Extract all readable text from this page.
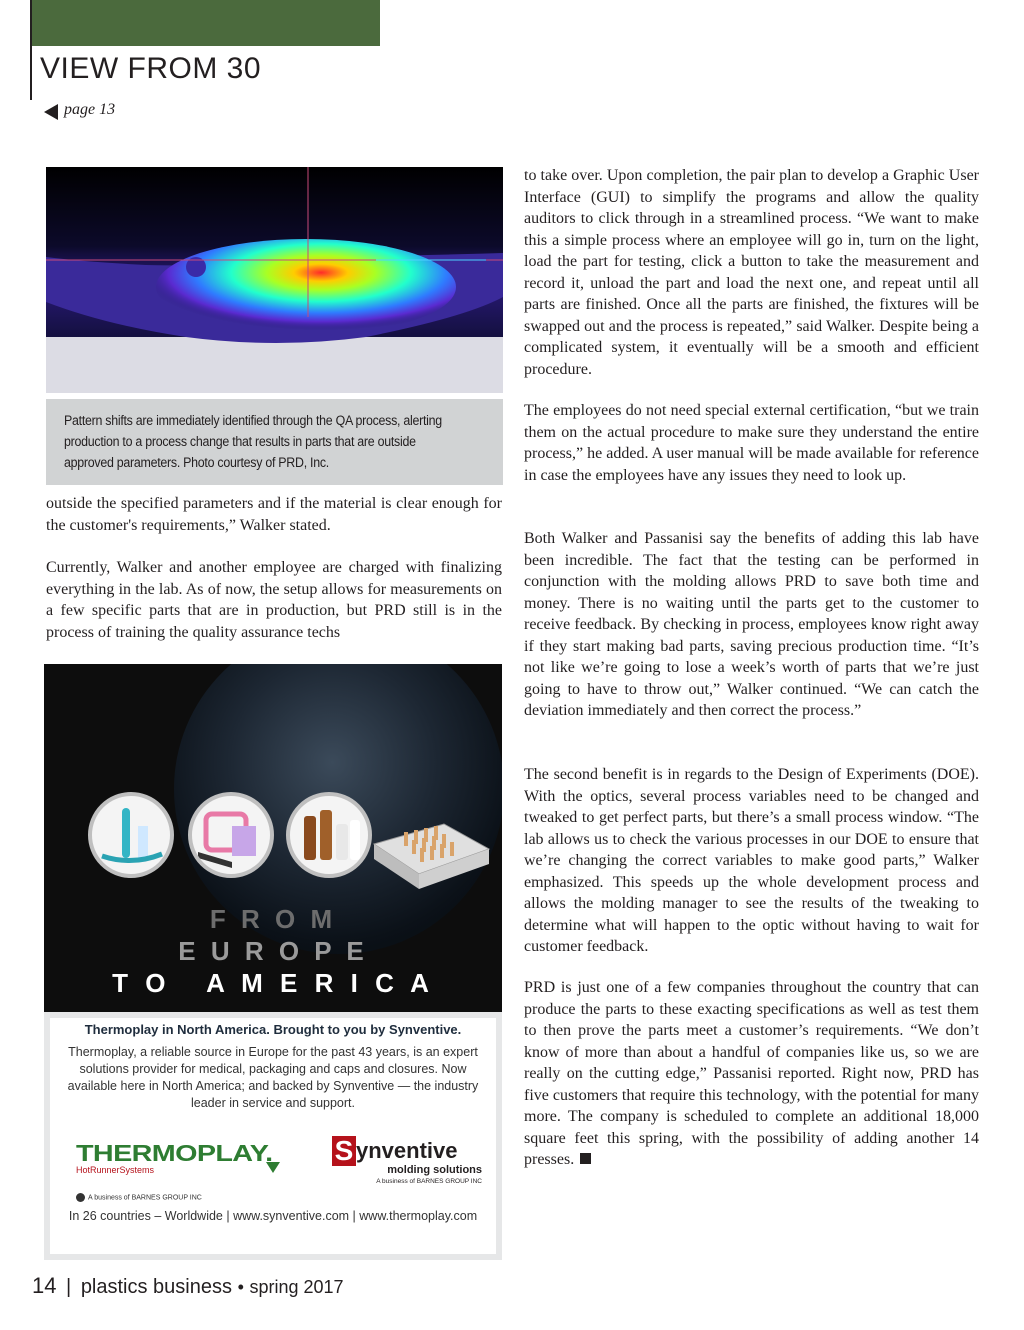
VIEW FROM 30
page 13
Pattern shifts are immediately identified through the QA process, alerting production to a process change that results in parts that are outside approved parameters. Photo courtesy of PRD, Inc.

outside the specified parameters and if the material is clear enough for the customer's requirements,” Walker stated.

Currently, Walker and another employee are charged with finalizing everything in the lab. As of now, the setup allows for measurements on a few specific parts that are in production, but PRD still is in the process of training the quality assurance techs

to take over. Upon completion, the pair plan to develop a Graphic User Interface (GUI) to simplify the programs and allow the quality auditors to click through in a streamlined process. “We want to make this a simple process where an employee will go in, turn on the light, load the part for testing, click a button to take the measurement and record it, unload the part and load the next one, and repeat until all parts are finished. Once all the parts are finished, the fixtures will be swapped out and the process is repeated,” said Walker. Despite being a complicated system, it eventually will be a smooth and efficient procedure.

The employees do not need special external certification, “but we train them on the actual procedure to make sure they understand the entire process,” he added. A user manual will be made available for reference in case the employees have any issues they need to look up.

Both Walker and Passanisi say the benefits of adding this lab have been incredible. The fact that the testing can be performed in conjunction with the molding allows PRD to save both time and money. There is no waiting until the parts get to the customer to receive feedback. By checking in process, employees know right away if they start making bad parts, saving precious production time. “It’s not like we’re going to lose a week’s worth of parts that we’re just going to have to throw out,” Walker continued. “We can catch the deviation immediately and then correct the process.”

The second benefit is in regards to the Design of Experiments (DOE). With the optics, several process variables need to be changed and tweaked to get perfect parts, but there’s a small process window. “The lab allows us to check the various processes in our DOE to ensure that we’re changing the correct variables to make good parts,” Walker emphasized. This speeds up the whole development process and allows the molding manager to see the results of the tweaking to determine what will happen to the optic without having to wait for customer feedback.

PRD is just one of a few companies throughout the country that can produce the parts to these exacting specifications as well as test them to then prove the parts meet a customer’s requirements. “We don’t know of more than about a handful of companies like us, so we are really on the cutting edge,” Passanisi reported. Right now, PRD has five customers that require this technology, with the potential for many more. The company is scheduled to complete an additional 18,000 square feet this spring, with the possibility of adding another 14 presses.

F R O M
E U R O P E
T O   A M E R I C A
Thermoplay in North America. Brought to you by Synventive.
Thermoplay, a reliable source in Europe for the past 43 years, is an expert solutions provider for medical, packaging and caps and closures. Now available here in North America; and backed by Synventive — the industry leader in service and support.
THERMOPLAY.
HotRunnerSystems
A business of BARNES GROUP INC
S ynventive
molding solutions
A business of BARNES GROUP INC
In 26 countries – Worldwide | www.synventive.com | www.thermoplay.com
14 | plastics business • spring 2017
